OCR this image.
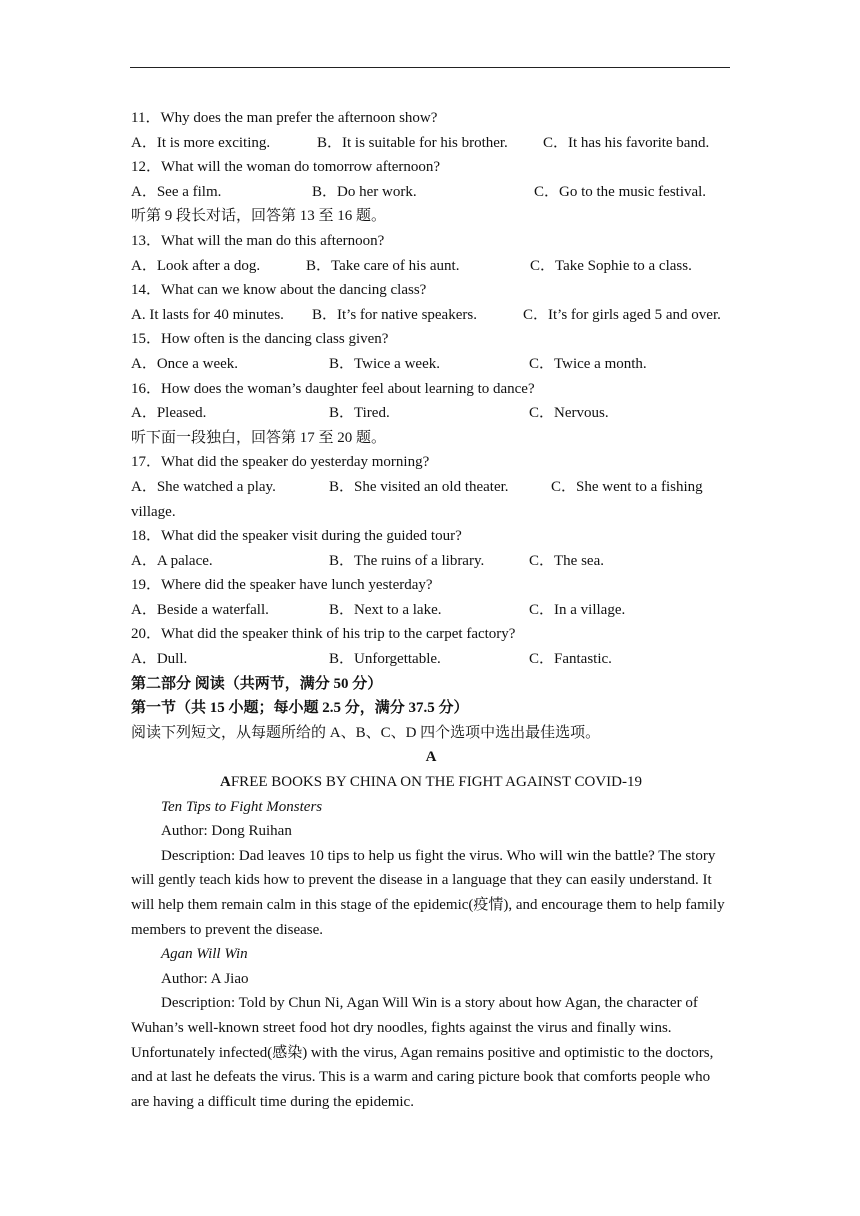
11．Why does the man prefer the afternoon show?
A．It is more exciting.	B．It is suitable for his brother. C．It has his favorite band.
12．What will the woman do tomorrow afternoon?
A．See a film.	B．Do her work.	C．Go to the music festival.
听第 9 段长对话，回答第 13 至 16 题。
13．What will the man do this afternoon?
A．Look after a dog.	B．Take care of his aunt.	C．Take Sophie to a class.
14．What can we know about the dancing class?
A. It lasts for 40 minutes. B．It’s for native speakers.	C．It’s for girls aged 5 and over.
15．How often is the dancing class given?
A．Once a week.	B．Twice a week.	C．Twice a month.
16．How does the woman’s daughter feel about learning to dance?
A．Pleased.	B．Tired.	C．Nervous.
听下面一段独白，回答第 17 至 20 题。
17．What did the speaker do yesterday morning?
A．She watched a play.	B．She visited an old theater.	C．She went to a fishing
village.
18．What did the speaker visit during the guided tour?
A．A palace.	B．The ruins of a library.	C．The sea.
19．Where did the speaker have lunch yesterday?
A．Beside a waterfall.	B．Next to a lake.	C．In a village.
20．What did the speaker think of his trip to the carpet factory?
A．Dull.	B．Unforgettable.	C．Fantastic.
第二部分 阅读（共两节，满分 50 分）
第一节（共 15 小题；每小题 2.5 分，满分 37.5 分）
阅读下列短文，从每题所给的 A、B、C、D 四个选项中选出最佳选项。
A
AFREE BOOKS BY CHINA ON THE FIGHT AGAINST COVID-19
Ten Tips to Fight Monsters
Author: Dong Ruihan
Description: Dad leaves 10 tips to help us fight the virus. Who will win the battle? The story will gently teach kids how to prevent the disease in a language that they can easily understand. It will help them remain calm in this stage of the epidemic(疫情), and encourage them to help family members to prevent the disease.
Agan Will Win
Author: A Jiao
Description: Told by Chun Ni, Agan Will Win is a story about how Agan, the character of Wuhan’s well-known street food hot dry noodles, fights against the virus and finally wins. Unfortunately infected(感染) with the virus, Agan remains positive and optimistic to the doctors, and at last he defeats the virus. This is a warm and caring picture book that comforts people who are having a difficult time during the epidemic.
